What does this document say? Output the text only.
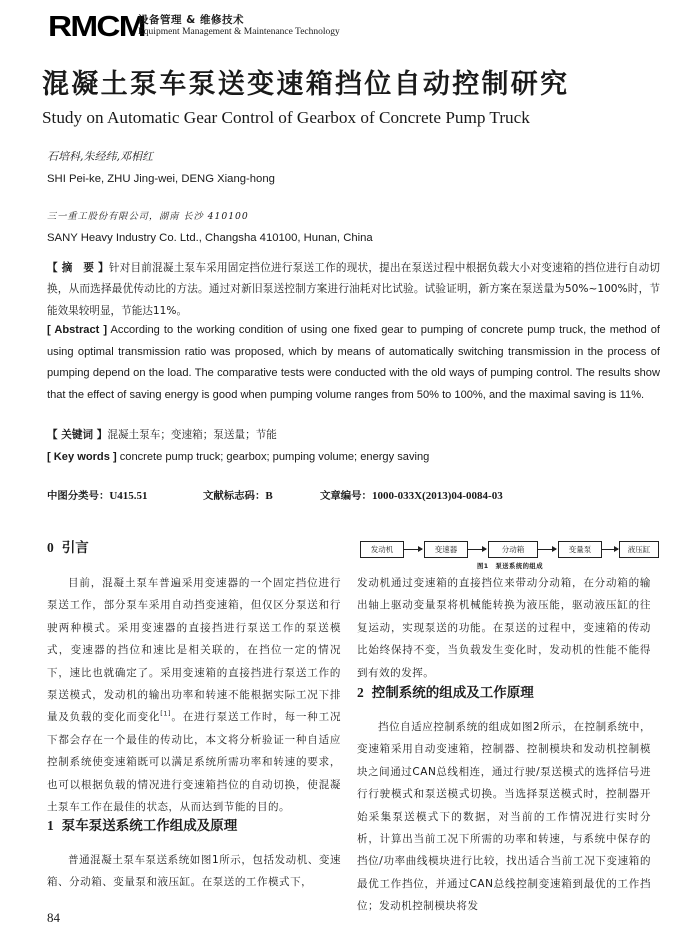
RMCM
设备管理 & 维修技术
Equipment Management & Maintenance Technology
混凝土泵车泵送变速箱挡位自动控制研究
Study on Automatic Gear Control of Gearbox of Concrete Pump Truck
石培科,朱经纬,邓相红
SHI Pei-ke, ZHU Jing-wei, DENG Xiang-hong
三一重工股份有限公司，湖南 长沙 410100
SANY Heavy Industry Co. Ltd., Changsha 410100, Hunan, China
【 摘　要 】针对目前混凝土泵车采用固定挡位进行泵送工作的现状，提出在泵送过程中根据负载大小对变速箱的挡位进行自动切换，从而选择最优传动比的方法。通过对新旧泵送控制方案进行油耗对比试验。试验证明，新方案在泵送量为50%~100%时，节能效果较明显，节能达11%。
[ Abstract ] According to the working condition of using one fixed gear to pumping of concrete pump truck, the method of using optimal transmission ratio was proposed, which by means of automatically switching transmission in the process of pumping depend on the load. The comparative tests were conducted with the old ways of pumping control. The results show that the effect of saving energy is good when pumping volume ranges from 50% to 100%, and the maximal saving is 11%.
【 关键词 】混凝土泵车；变速箱；泵送量；节能
[ Key words ] concrete pump truck; gearbox; pumping volume; energy saving
中图分类号：U415.51	文献标志码：B	文章编号：1000-033X(2013)04-0084-03
0 引言
目前，混凝土泵车普遍采用变速器的一个固定挡位进行泵送工作，部分泵车采用自动挡变速箱，但仅区分泵送和行驶两种模式。采用变速器的直接挡进行泵送工作的泵送模式，变速器的挡位和速比是相关联的，在挡位一定的情况下，速比也就确定了。采用变速箱的直接挡进行泵送工作的泵送模式，发动机的输出功率和转速不能根据实际工况下排量及负载的变化而变化[1]。在进行泵送工作时，每一种工况下都会存在一个最佳的传动比，本文将分析验证一种自适应控制系统使变速箱既可以满足系统所需功率和转速的要求，也可以根据负载的情况进行变速箱挡位的自动切换，使混凝土泵车工作在最佳的状态，从而达到节能的目的。
1 泵车泵送系统工作组成及原理
普通混凝土泵车泵送系统如图1所示，包括发动机、变速箱、分动箱、变量泵和液压缸。在泵送的工作模式下，
84
发动机	变速器	分动箱	变量泵	液压缸
图1　泵送系统的组成
发动机通过变速箱的直接挡位来带动分动箱，在分动箱的输出轴上驱动变量泵将机械能转换为液压能，驱动液压缸的往复运动，实现泵送的功能。在泵送的过程中，变速箱的传动比始终保持不变，当负载发生变化时，发动机的性能不能得到有效的发挥。
2 控制系统的组成及工作原理
挡位自适应控制系统的组成如图2所示，在控制系统中，变速箱采用自动变速箱，控制器、控制模块和发动机控制模块之间通过CAN总线相连，通过行驶/泵送模式的选择信号进行行驶模式和泵送模式切换。当选择泵送模式时，控制器开始采集泵送模式下的数据，对当前的工作情况进行实时分析，计算出当前工况下所需的功率和转速，与系统中保存的挡位/功率曲线模块进行比较，找出适合当前工况下变速箱的最优工作挡位，并通过CAN总线控制变速箱到最优的工作挡位；发动机控制模块将发
